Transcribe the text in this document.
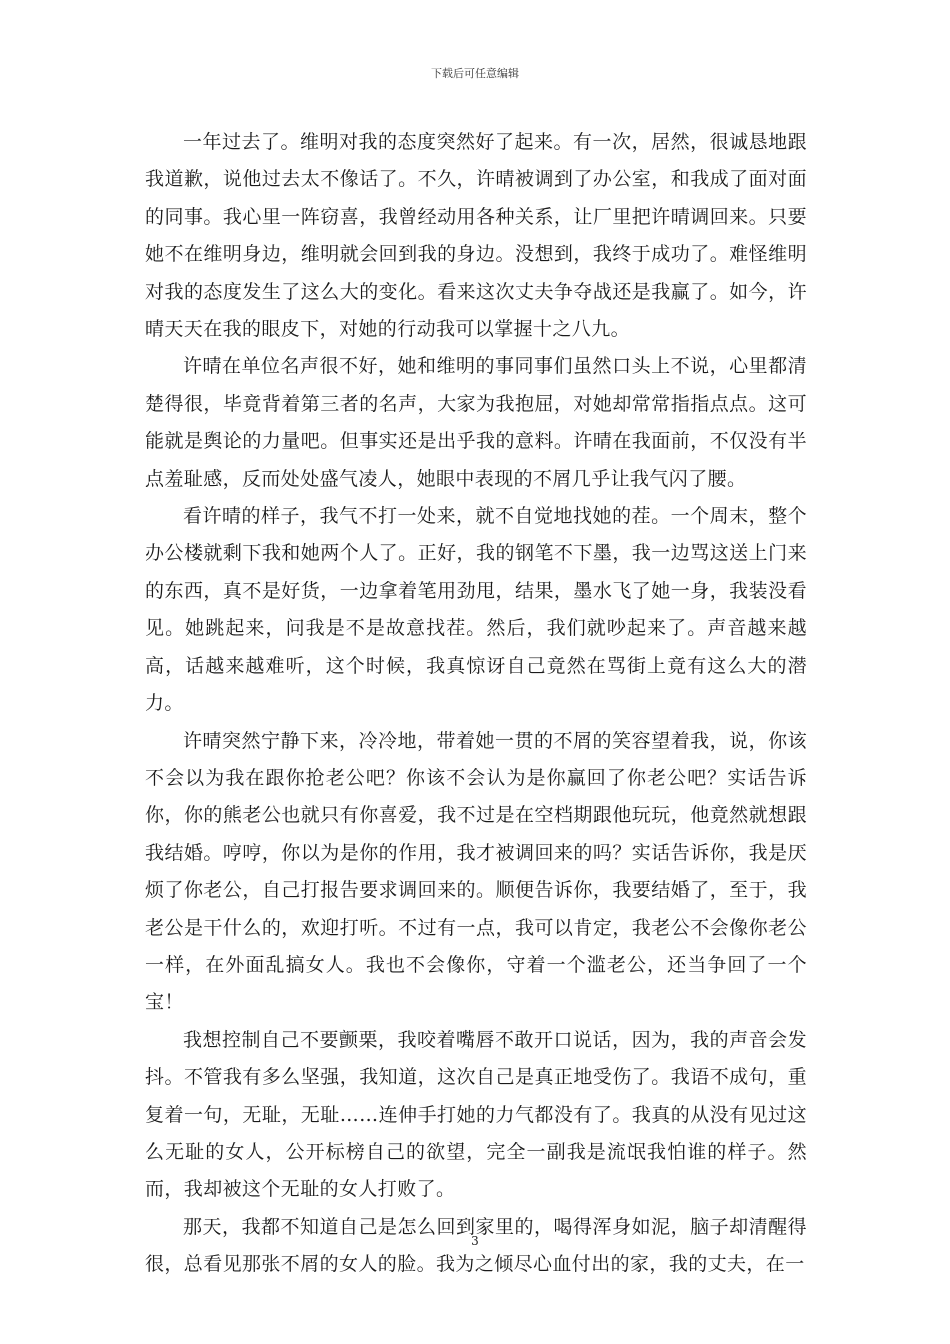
下载后可任意编辑

一年过去了。维明对我的态度突然好了起来。有一次，居然，很诚恳地跟我道歉，说他过去太不像话了。不久，许晴被调到了办公室，和我成了面对面的同事。我心里一阵窃喜，我曾经动用各种关系，让厂里把许晴调回来。只要她不在维明身边，维明就会回到我的身边。没想到，我终于成功了。难怪维明对我的态度发生了这么大的变化。看来这次丈夫争夺战还是我赢了。如今，许晴天天在我的眼皮下，对她的行动我可以掌握十之八九。

许晴在单位名声很不好，她和维明的事同事们虽然口头上不说，心里都清楚得很，毕竟背着第三者的名声，大家为我抱屈，对她却常常指指点点。这可能就是舆论的力量吧。但事实还是出乎我的意料。许晴在我面前，不仅没有半点羞耻感，反而处处盛气凌人，她眼中表现的不屑几乎让我气闪了腰。

看许晴的样子，我气不打一处来，就不自觉地找她的茬。一个周末，整个办公楼就剩下我和她两个人了。正好，我的钢笔不下墨，我一边骂这送上门来的东西，真不是好货，一边拿着笔用劲甩，结果，墨水飞了她一身，我装没看见。她跳起来，问我是不是故意找茬。然后，我们就吵起来了。声音越来越高，话越来越难听，这个时候，我真惊讶自己竟然在骂街上竟有这么大的潜力。

许晴突然宁静下来，冷冷地，带着她一贯的不屑的笑容望着我，说，你该不会以为我在跟你抢老公吧？你该不会认为是你赢回了你老公吧？实话告诉你，你的熊老公也就只有你喜爱，我不过是在空档期跟他玩玩，他竟然就想跟我结婚。哼哼，你以为是你的作用，我才被调回来的吗？实话告诉你，我是厌烦了你老公，自己打报告要求调回来的。顺便告诉你，我要结婚了，至于，我老公是干什么的，欢迎打听。不过有一点，我可以肯定，我老公不会像你老公一样，在外面乱搞女人。我也不会像你，守着一个滥老公，还当争回了一个宝！

我想控制自己不要颤栗，我咬着嘴唇不敢开口说话，因为，我的声音会发抖。不管我有多么坚强，我知道，这次自己是真正地受伤了。我语不成句，重复着一句，无耻，无耻……连伸手打她的力气都没有了。我真的从没有见过这么无耻的女人，公开标榜自己的欲望，完全一副我是流氓我怕谁的样子。然而，我却被这个无耻的女人打败了。

那天，我都不知道自己是怎么回到家里的，喝得浑身如泥，脑子却清醒得很，总看见那张不屑的女人的脸。我为之倾尽心血付出的家，我的丈夫，在一

3
